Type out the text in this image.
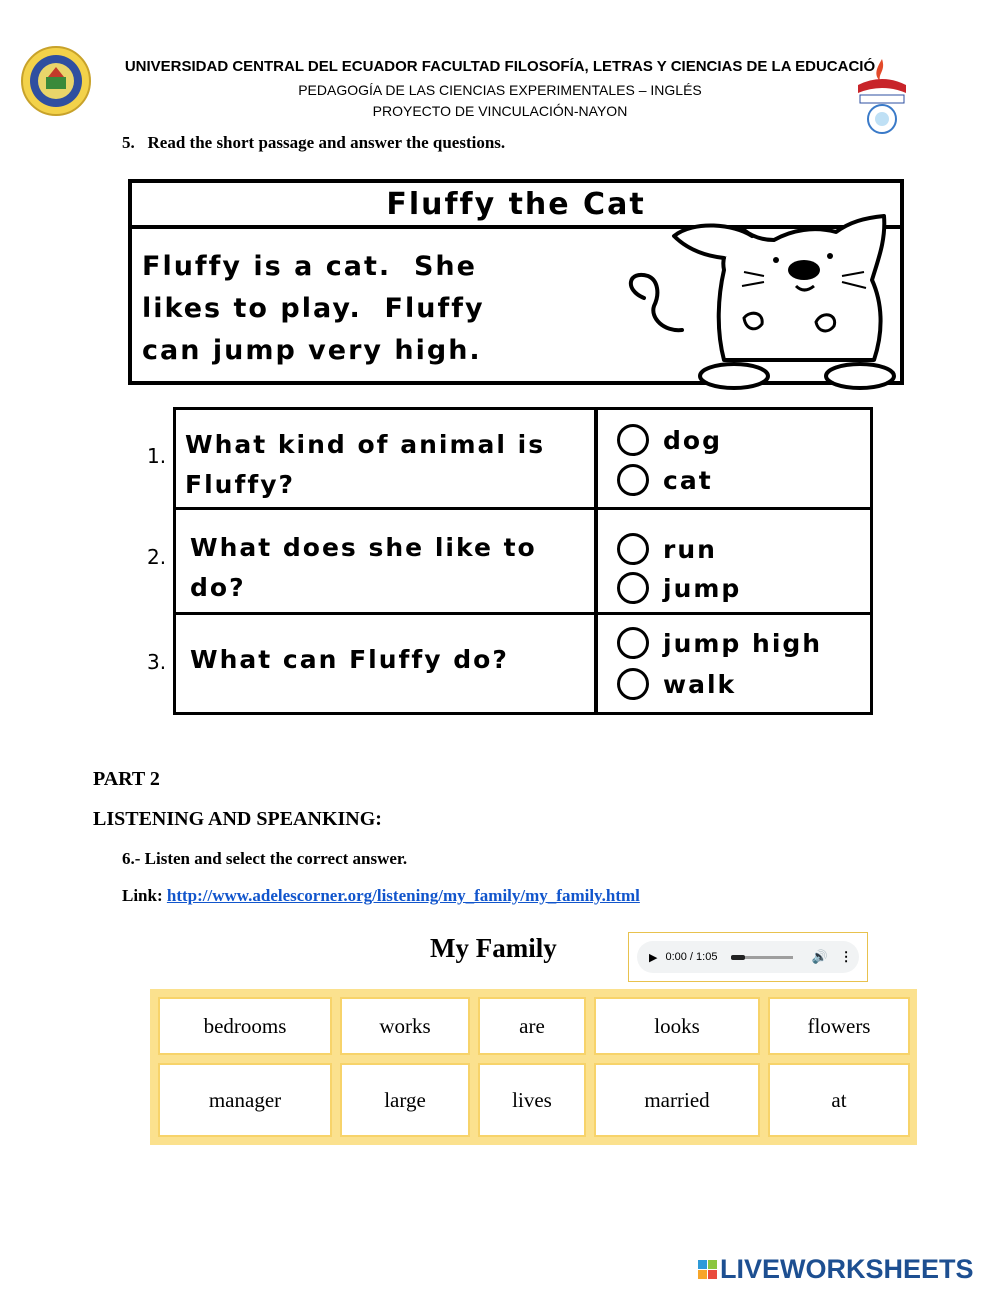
UNIVERSIDAD CENTRAL DEL ECUADOR FACULTAD FILOSOFÍA, LETRAS Y CIENCIAS DE LA EDUCACIÓ
PEDAGOGÍA DE LAS CIENCIAS EXPERIMENTALES – INGLÉS
PROYECTO DE VINCULACIÓN-NAYON
5.   Read the short passage and answer the questions.
Fluffy the Cat
Fluffy is a cat.  She
likes to play.  Fluffy
can jump very high.
1. What kind of animal is Fluffy?
dog
cat
2. What does she like to do?
run
jump
3. What can Fluffy do?
jump high
walk
PART 2
LISTENING AND SPEANKING:
6.- Listen and select the correct answer.
Link: http://www.adelescorner.org/listening/my_family/my_family.html
My Family	▶ 0:00 / 1:05	🔊 ⋮
bedrooms	works	are	looks	flowers
manager	large	lives	married	at
LIVEWORKSHEETS
